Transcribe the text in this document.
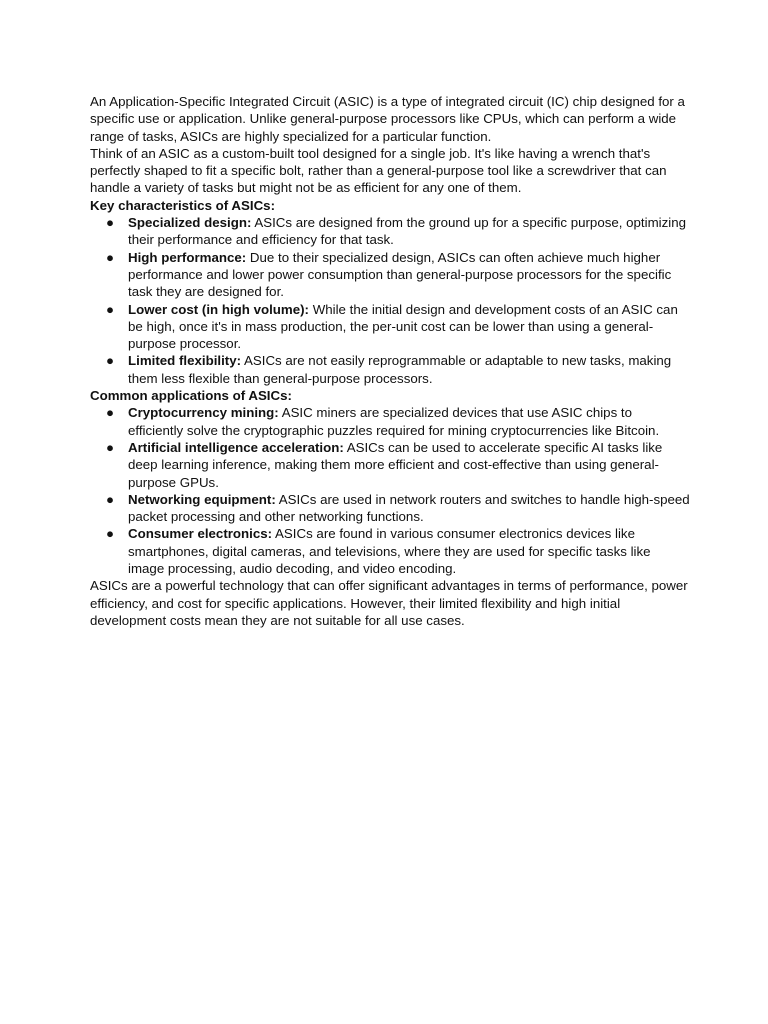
An Application-Specific Integrated Circuit (ASIC) is a type of integrated circuit (IC) chip designed for a specific use or application. Unlike general-purpose processors like CPUs, which can perform a wide range of tasks, ASICs are highly specialized for a particular function.

Think of an ASIC as a custom-built tool designed for a single job. It's like having a wrench that's perfectly shaped to fit a specific bolt, rather than a general-purpose tool like a screwdriver that can handle a variety of tasks but might not be as efficient for any one of them.

Key characteristics of ASICs:

● Specialized design: ASICs are designed from the ground up for a specific purpose, optimizing their performance and efficiency for that task.
● High performance: Due to their specialized design, ASICs can often achieve much higher performance and lower power consumption than general-purpose processors for the specific task they are designed for.
● Lower cost (in high volume): While the initial design and development costs of an ASIC can be high, once it's in mass production, the per-unit cost can be lower than using a general-purpose processor.
● Limited flexibility: ASICs are not easily reprogrammable or adaptable to new tasks, making them less flexible than general-purpose processors.

Common applications of ASICs:

● Cryptocurrency mining: ASIC miners are specialized devices that use ASIC chips to efficiently solve the cryptographic puzzles required for mining cryptocurrencies like Bitcoin.
● Artificial intelligence acceleration: ASICs can be used to accelerate specific AI tasks like deep learning inference, making them more efficient and cost-effective than using general-purpose GPUs.
● Networking equipment: ASICs are used in network routers and switches to handle high-speed packet processing and other networking functions.
● Consumer electronics: ASICs are found in various consumer electronics devices like smartphones, digital cameras, and televisions, where they are used for specific tasks like image processing, audio decoding, and video encoding.

ASICs are a powerful technology that can offer significant advantages in terms of performance, power efficiency, and cost for specific applications. However, their limited flexibility and high initial development costs mean they are not suitable for all use cases.
